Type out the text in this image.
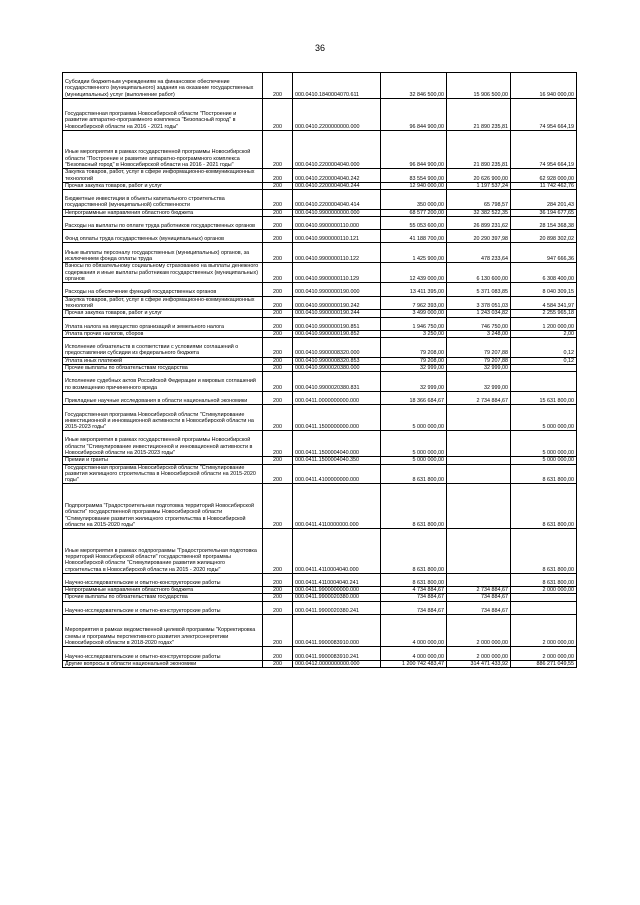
36
Субсидии бюджетным учреждениям на финансовое обеспечение государственного (муниципального) задания на оказание государственных (муниципальных) услуг (выполнение работ)	200	000.0410.1840004070.611	32 846 500,00	15 906 500,00	16 940 000,00
Государственная программа Новосибирской области "Построение и развитие аппаратно-программного комплекса "Безопасный город" в Новосибирской области на 2016 - 2021 годы"	200	000.0410.2200000000.000	96 844 900,00	21 890 235,81	74 954 664,19

Иные мероприятия в рамках государственной программы Новосибирской области "Построение и развитие аппаратно-программного комплекса "Безопасный город" в Новосибирской области на 2016 - 2021 годы"	200	000.0410.2200004040.000	96 844 900,00	21 890 235,81	74 954 664,19
Закупка товаров, работ, услуг в сфере информационно-коммуникационных технологий	200	000.0410.2200004040.242	83 554 900,00	20 626 900,00	62 928 000,00
Прочая закупка товаров, работ и услуг	200	000.0410.2200004040.244	12 940 000,00	1 197 537,24	11 742 462,76
Бюджетные инвестиции в объекты капитального строительства государственной (муниципальной) собственности	200	000.0410.2200004040.414	350 000,00	65 798,57	284 201,43
Непрограммные направления областного бюджета	200	000.0410.9900000000.000	68 577 200,00	32 382 522,35	36 194 677,65
Расходы на выплаты по оплате труда работников государственных органов	200	000.0410.9900000110.000	55 053 600,00	26 899 231,62	28 154 368,38
Фонд оплаты труда государственных (муниципальных) органов	200	000.0410.9900000110.121	41 188 700,00	20 290 397,98	20 898 302,02

Иные выплаты персоналу государственных (муниципальных) органов, за исключением фонда оплаты труда	200	000.0410.9900000110.122	1 425 900,00	478 233,64	947 666,36
Взносы по обязательному социальному страхованию на выплаты денежного содержания и иные выплаты работникам государственных (муниципальных) органов	200	000.0410.9900000110.129	12 439 000,00	6 130 600,00	6 308 400,00

Расходы на обеспечение функций государственных органов	200	000.0410.9900000190.000	13 411 395,00	5 371 083,85	8 040 309,15
Закупка товаров, работ, услуг в сфере информационно-коммуникационных технологий	200	000.0410.9900000190.242	7 962 393,00	3 378 051,03	4 584 341,97
Прочая закупка товаров, работ и услуг	200	000.0410.9900000190.244	3 499 000,00	1 243 034,82	2 255 965,18
Уплата налога на имущество организаций и земельного налога	200	000.0410.9900000190.851	1 946 750,00	746 750,00	1 200 000,00
Уплата прочих налогов, сборов	200	000.0410.9900000190.852	3 250,00	3 248,00	2,00
Исполнение обязательств в соответствии с условиями соглашений о предоставлении субсидии из федерального бюджета	200	000.0410.9900008320.000	79 208,00	79 207,88	0,12
Уплата иных платежей	200	000.0410.9900008320.853	79 208,00	79 207,88	0,12
Прочие выплаты по обязательствам государства	200	000.0410.9900020380.000	32 999,00	32 999,00	

Исполнение судебных актов Российской Федерации и мировых соглашений по возмещению причиненного вреда	200	000.0410.9900020380.831	32 999,00	32 999,00	
Прикладные научные исследования в области национальной экономики	200	000.0411.0000000000.000	18 366 684,67	2 734 884,67	15 631 800,00

Государственная программа Новосибирской области "Стимулирование инвестиционной и инновационной активности в Новосибирской области на 2015-2023 годы"	200	000.0411.1500000000.000	5 000 000,00		5 000 000,00
Иные мероприятия в рамках государственной программы Новосибирской области "Стимулирование инвестиционной и инновационной активности в Новосибирской области на 2015-2023 годы"	200	000.0411.1500004040.000	5 000 000,00		5 000 000,00
Премии и гранты	200	000.0411.1500004040.350	5 000 000,00		5 000 000,00
Государственная программа Новосибирской области "Стимулирование развития жилищного строительства в Новосибирской области на 2015-2020 годы"	200	000.0411.4100000000.000	8 631 800,00		8 631 800,00
Подпрограмма "Градостроительная подготовка территорий Новосибирской области" государственной программы Новосибирской области "Стимулирование развития жилищного строительства в Новосибирской области на 2015-2020 годы"	200	000.0411.4110000000.000	8 631 800,00		8 631 800,00

Иные мероприятия в рамках подпрограммы "Градостроительная подготовка территорий Новосибирской области" государственной программы Новосибирской области "Стимулирование развития жилищного строительства в Новосибирской области на 2015 - 2020 годы"	200	000.0411.4110004040.000	8 631 800,00		8 631 800,00
Научно-исследовательские и опытно-конструкторские работы	200	000.0411.4110004040.241	8 631 800,00		8 631 800,00
Непрограммные направления областного бюджета	200	000.0411.9900000000.000	4 734 884,67	2 734 884,67	2 000 000,00
Прочие выплаты по обязательствам государства	200	000.0411.9900020380.000	734 884,67	734 884,67	

Научно-исследовательские и опытно-конструкторские работы	200	000.0411.9900020380.241	734 884,67	734 884,67	
Мероприятия в рамках ведомственной целевой программы "Корректировка схемы и программы перспективного развития электроэнергетики Новосибирской области в 2018-2020 годах"	200	000.0411.9900083910.000	4 000 000,00	2 000 000,00	2 000 000,00

Научно-исследовательские и опытно-конструкторские работы	200	000.0411.9900083910.241	4 000 000,00	2 000 000,00	2 000 000,00
Другие вопросы в области национальной экономики	200	000.0412.0000000000.000	1 200 742 483,47	314 471 433,92	886 271 049,55
